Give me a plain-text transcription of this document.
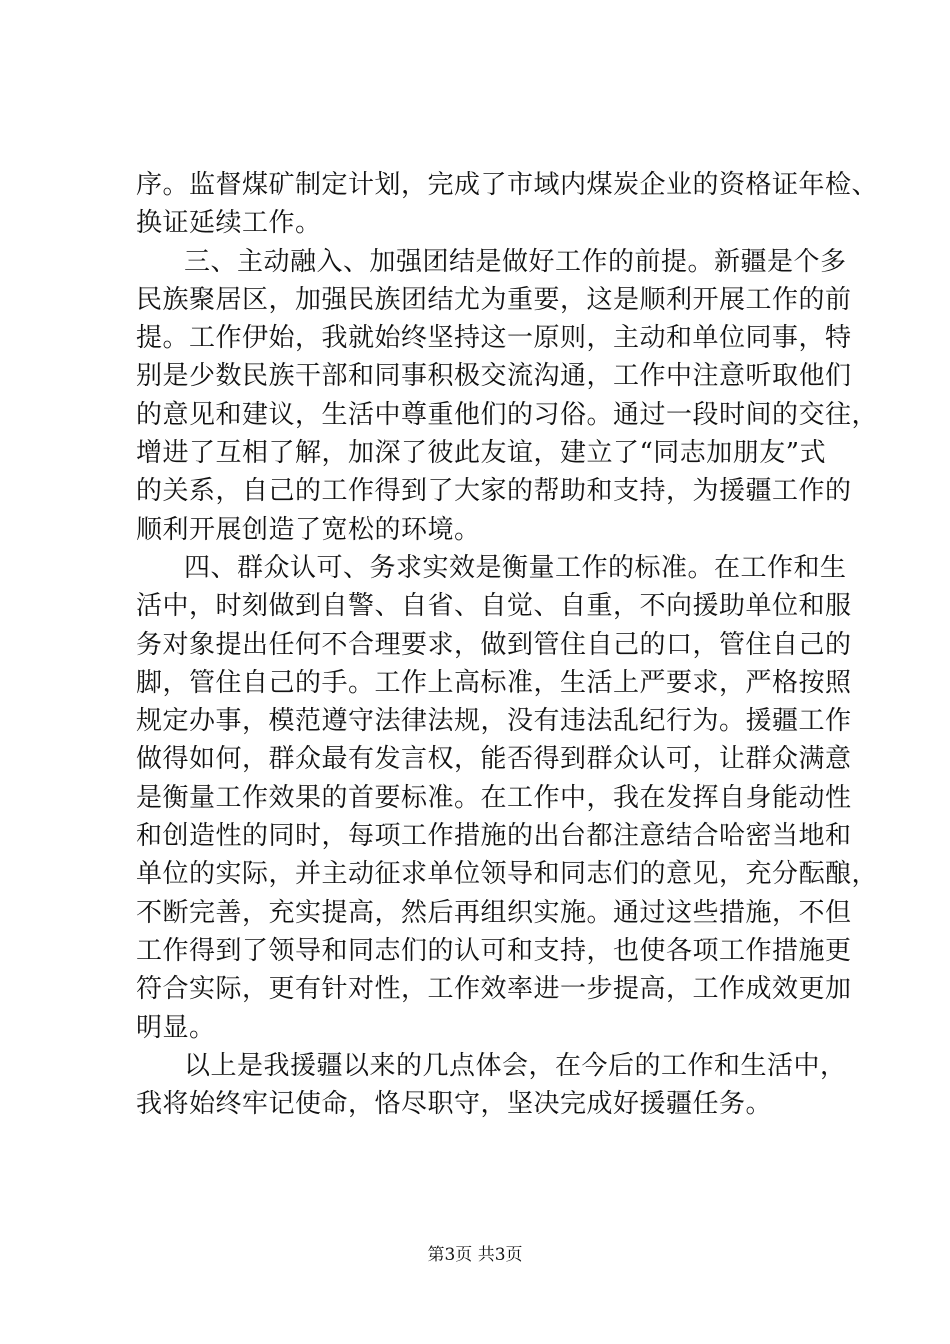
序。监督煤矿制定计划，完成了市域内煤炭企业的资格证年检、
换证延续工作。
三、主动融入、加强团结是做好工作的前提。新疆是个多
民族聚居区，加强民族团结尤为重要，这是顺利开展工作的前
提。工作伊始，我就始终坚持这一原则，主动和单位同事，特
别是少数民族干部和同事积极交流沟通，工作中注意听取他们
的意见和建议，生活中尊重他们的习俗。通过一段时间的交往，
增进了互相了解，加深了彼此友谊，建立了“同志加朋友”式
的关系，自己的工作得到了大家的帮助和支持，为援疆工作的
顺利开展创造了宽松的环境。
四、群众认可、务求实效是衡量工作的标准。在工作和生
活中，时刻做到自警、自省、自觉、自重，不向援助单位和服
务对象提出任何不合理要求，做到管住自己的口，管住自己的
脚，管住自己的手。工作上高标准，生活上严要求，严格按照
规定办事，模范遵守法律法规，没有违法乱纪行为。援疆工作
做得如何，群众最有发言权，能否得到群众认可，让群众满意
是衡量工作效果的首要标准。在工作中，我在发挥自身能动性
和创造性的同时，每项工作措施的出台都注意结合哈密当地和
单位的实际，并主动征求单位领导和同志们的意见，充分酝酿，
不断完善，充实提高，然后再组织实施。通过这些措施，不但
工作得到了领导和同志们的认可和支持，也使各项工作措施更
符合实际，更有针对性，工作效率进一步提高，工作成效更加
明显。
以上是我援疆以来的几点体会，在今后的工作和生活中，
我将始终牢记使命，恪尽职守，坚决完成好援疆任务。
第3页 共3页
